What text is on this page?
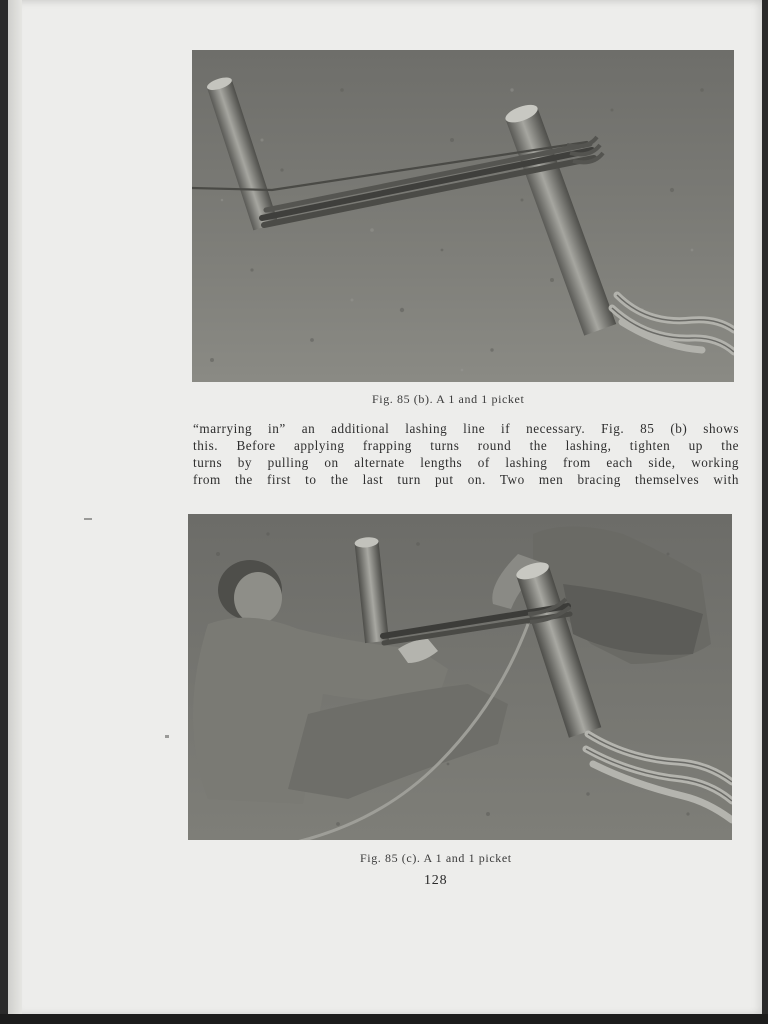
Fig. 85 (b). A 1 and 1 picket
“marrying in” an additional lashing line if necessary. Fig. 85 (b) shows
this. Before applying frapping turns round the lashing, tighten up the
turns by pulling on alternate lengths of lashing from each side, working
from the first to the last turn put on. Two men bracing themselves with
Fig. 85 (c). A 1 and 1 picket
128
